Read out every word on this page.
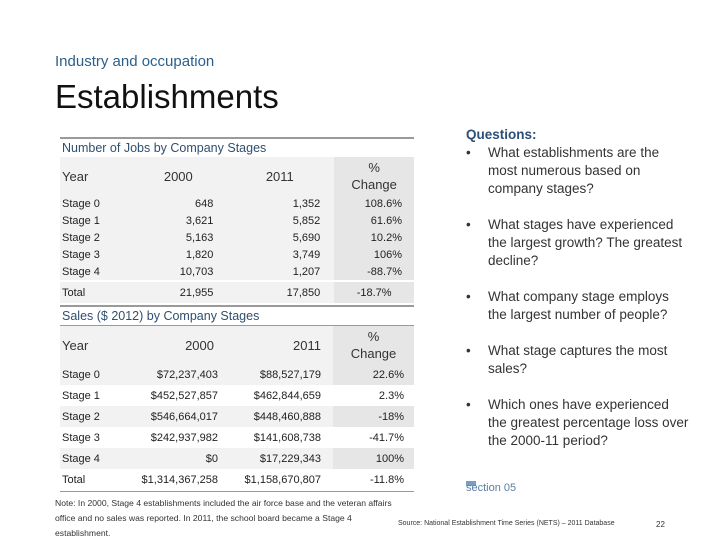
Industry and occupation
Establishments
Number of Jobs by Company Stages
Year	2000	2011	% Change
Stage 0	648	1,352	108.6%
Stage 1	3,621	5,852	61.6%
Stage 2	5,163	5,690	10.2%
Stage 3	1,820	3,749	106%
Stage 4	10,703	1,207	-88.7%
Total	21,955	17,850	-18.7%
Sales ($ 2012) by Company Stages
Year	2000	2011	% Change
Stage 0	$72,237,403	$88,527,179	22.6%
Stage 1	$452,527,857	$462,844,659	2.3%
Stage 2	$546,664,017	$448,460,888	-18%
Stage 3	$242,937,982	$141,608,738	-41.7%
Stage 4	$0	$17,229,343	100%
Total	$1,314,367,258	$1,158,670,807	-11.8%
Note: In 2000, Stage 4 establishments included the air force base and the veteran affairs office and no sales was reported. In 2011, the school board became a Stage 4 establishment.
Questions:
• What establishments are the most numerous based on company stages?
• What stages have experienced the largest growth? The greatest decline?
• What company stage employs the largest number of people?
• What stage captures the most sales?
• Which ones have experienced the greatest percentage loss over the 2000-11 period?
section 05
Source: National Establishment Time Series (NETS) – 2011 Database	22
